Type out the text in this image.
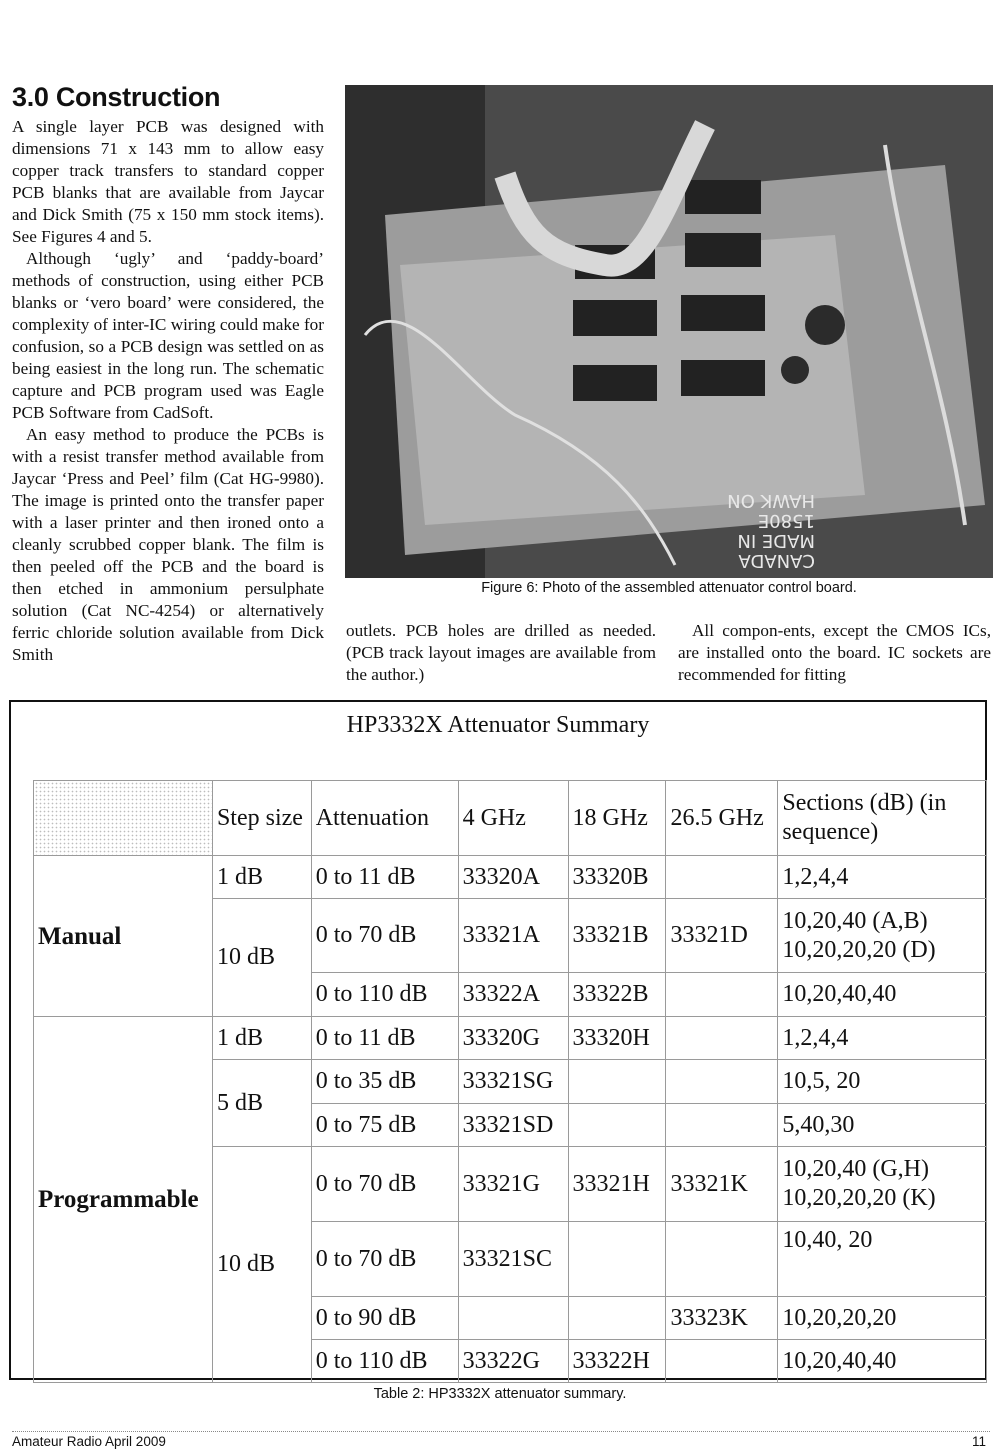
3.0 Construction

A single layer PCB was designed with dimensions 71 x 143 mm to allow easy copper track transfers to standard copper PCB blanks that are available from Jaycar and Dick Smith (75 x 150 mm stock items). See Figures 4 and 5.

Although ‘ugly’ and ‘paddy-board’ methods of construction, using either PCB blanks or ‘vero board’ were considered, the complexity of inter-IC wiring could make for confusion, so a PCB design was settled on as being easiest in the long run. The schematic capture and PCB program used was Eagle PCB Software from CadSoft.

An easy method to produce the PCBs is with a resist transfer method available from Jaycar ‘Press and Peel’ film (Cat HG-9980). The image is printed onto the transfer paper with a laser printer and then ironed onto a cleanly scrubbed copper blank. The film is then peeled off the PCB and the board is then etched in ammonium persulphate solution (Cat NC-4254) or alternatively ferric chloride solution available from Dick Smith

CANADA
MADE IN
1580E
HAWK ON
Figure 6: Photo of the assembled attenuator control board.

outlets. PCB holes are drilled as needed. (PCB track layout images are available from the author.)

All compon-ents, except the CMOS ICs, are installed onto the board. IC sockets are recommended for fitting

HP3332X Attenuator Summary
	Step size	Attenuation	4 GHz	18 GHz	26.5 GHz	Sections (dB) (in sequence)
Manual	1 dB	0 to 11 dB	33320A	33320B		1,2,4,4
	10 dB	0 to 70 dB	33321A	33321B	33321D	10,20,40 (A,B)
10,20,20,20 (D)

		0 to 110 dB	33322A	33322B		10,20,40,40
Programmable	1 dB	0 to 11 dB	33320G	33320H		1,2,4,4
	5 dB	0 to 35 dB	33321SG			10,5, 20
		0 to 75 dB	33321SD			5,40,30
	10 dB	0 to 70 dB	33321G	33321H	33321K	10,20,40 (G,H)
10,20,20,20 (K)

		0 to 70 dB	33321SC			10,40, 20
		0 to 90 dB			33323K	10,20,20,20
		0 to 110 dB	33322G	33322H		10,20,40,40
Table 2: HP3332X attenuator summary.
Amateur Radio April 2009	11
